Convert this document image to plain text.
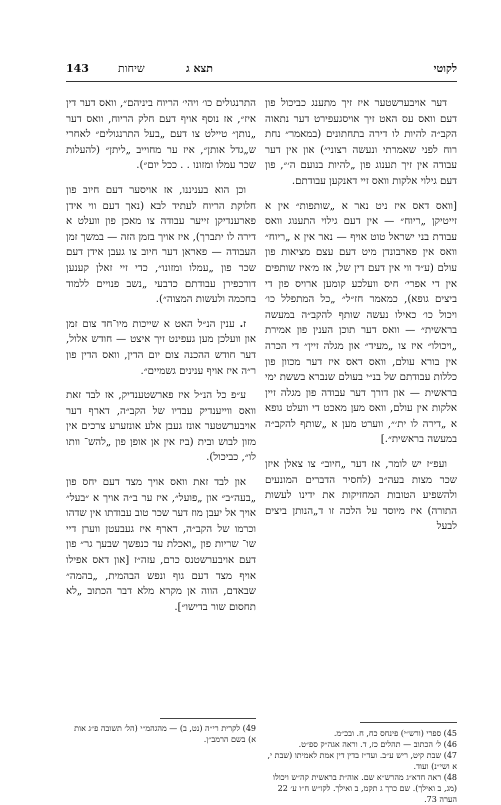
לקוטי
תצא ג
שיחות
143

דער אויבערשטער איז זיך מתענג כביכול פון דעם וואס עס האט זיך אויסגעפירט דער נתאוה הקב״ה להיות לו דירה בתחתונים (במאמר״ נחת רוח לפני שאמרתי ונעשה רצוני״) און אין דער עבודה אין זיך תענוג פון „להיות בנועם ה׳״, פון דעם גילוי אלקות וואס זיי דאנקען עבודתם.

[וואס דאס איז ניט נאר א „שותפות״ אין א זייטיקן „ריוח״ — אין דעם גילוי התענוג וואס עבודת בני ישראל טוט אויף — נאר אין א „ריוח״ וואס אין פארבונדן מיט דעם עצם מציאות פון עולם (ע״ד ווי אין דעם דין של, אז מ׳איז שותפים אין די אפרי׳ חיס וועלכע קומען ארויס פון די ביצים גופא), כמאמר חז״ל״ „כל המתפלל כו׳ ויכול כו׳ כאילו נעשה שותף להקב״ה במעשה בראשית״ — וואס דער תוכן הענין פון אמירת „ויכולו״ איז צו „מעיד״ און מגלה זיין״ די הכרה אין בורא עולם, וואס דאס איז דער מכוון פון כללות עבודתם של בנ״י בעולם שנברא בששת ימי בראשית — און דורך דער עבודה פון מגלה זיין אלקות אין עולם, וואס מען מאכט די וועלט גופא א „דירה לו ית׳״, ווערט מען א „שותף להקב״ה במעשה בראשית״.]

ועפ״ז יש לומר, אז דער „חיוב״ צו צאלן איזן שכר מצות בעה״ב (לחסיר הדברים המונעים ולהשפיע הטובות המחזיקות את ידינו לעשות התורה) איז מיוסד על הלכה זו ד„הנותן ביצים לבעל

התרנגולים כו׳ ויהי׳ הריוח ביניהם״, וואס דער דין איז״, אז נוסף אויף דעם חלק הריוח, וואס דער „נותן״ טיילט צו דעם „בעל התרנגולים״ לאחרי ש„גדל אותן״, איז ער מחוייב „ליתן״ (להעלות שכר עמלו ומזונו . . ככל יום״).

וכן הוא בעניננו, אז אויסער דעם חיוב פון חלוקת הריוח לעתיד לבא (נאך דעם ווי אידן פארענדיקן זייער עבודה צו מאכן פון וועלט א דירה לו יתברך), איז אויך בזמן הזה — במשך זמן העבודה — פאראן דער חיוב צו געבן אידן דעם שכר פון „עמלו ומזונו״, כדי זיי זאלן קענען דורכפירן עבודתם כדבעי „נשב פנויים ללמוד בחכמה ולעשות המצוה״).

ז. ענין הנ״ל האט א שייכות מיו־חד צום זמן און וועלכן מען געפינט זיך איצט — חודש אלול, דער חודש ההכנה צום יום הדין, וואס הדין פון ר״ה איז אויף ענינים גשמיים״.

ע״פ כל הנ״ל איז פארשטענדיק, אז לבד זאת וואס ווייענדיק עבדיו של הקב״ה, דארף דער אויבערשטער אונז געבן אלע אונזערע צרכים אין מזון לבוש ובית (ביז אין אן אופן פון „להש־ וותו לו״, כביכול).

און לבד זאת וואס אויך מצד דעם יחס פון „בעה״ב״ און „פועל״, איז ער ב״ה אויך א ״בעל״ אויך אל יעבן מוז דער שכר טוב עבודתו אין שדהו וכרמו של הקב״ה, דארף איז געבעטן ווערן דיי שו־ שריות פון „ואכלת עד כנפשך שבעך גר״ פון דעם אויבערשטנס כרם, עזה״ז [און דאס אפילו אויף מצד דעם גוף ונפש הבהמית, „בהמה״ שבאדם, הווה אן מקרא מלא דבר הכתוב „לא תחסום שור בדישו״].

45) ספרי (ורש״י) פינחס כח, ח. ובכ״מ.

46) ל׳ הכתוב — תהלים כז, ד. וראה אגה״ק ספ״ט.

47) שבת קיט, ריש ע״ב. ועד״ז בדין דין אמת לאמיתו (שבת י, א ושי״נ) ועוד.

48) ראה חדא״ג מהרש״א שם. אוה״ת בראשית קה״ש ויכולו (מג, ב ואילך). שם כרך ג תקמ, ב ואילך. לקו״ש ח״ו ע׳ 22 הערה 73.

49) לקרית רי״ה (נט, ב) — מהגהמ״י (הל׳ תשובה פ״ג אות א) בשם הרמב״ן.
